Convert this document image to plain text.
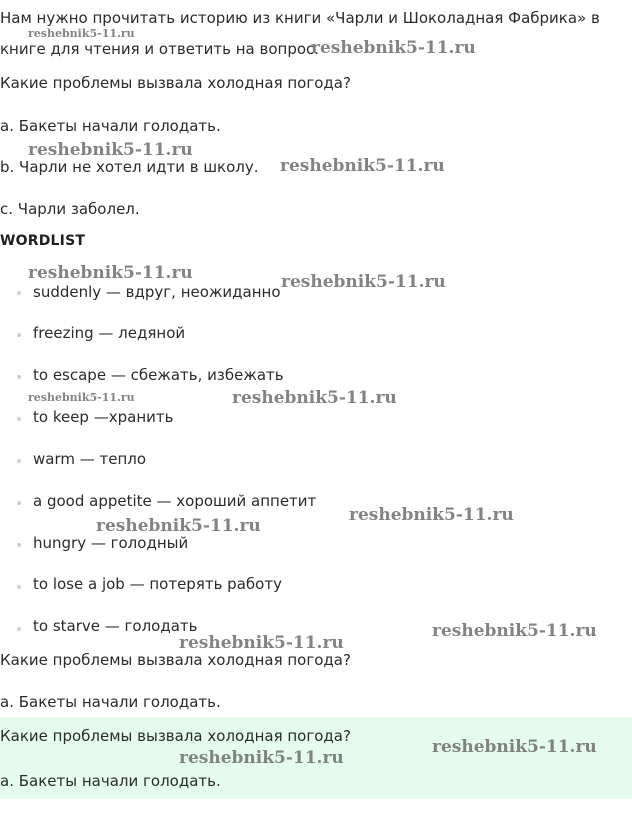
Нам нужно прочитать историю из книги «Чарли и Шоколадная Фабрика» в
книге для чтения и ответить на вопрос.
Какие проблемы вызвала холодная погода?
a. Бакеты начали голодать.
b. Чарли не хотел идти в школу.
c. Чарли заболел.
WORDLIST
suddenly — вдруг, неожиданно
freezing — ледяной
to escape — сбежать, избежать
to keep —хранить
warm — тепло
a good appetite — хороший аппетит
hungry — голодный
to lose a job — потерять работу
to starve — голодать
Какие проблемы вызвала холодная погода?
a. Бакеты начали голодать.
Какие проблемы вызвала холодная погода?
a. Бакеты начали голодать.
reshebnik5-11.ru
reshebnik5-11.ru
reshebnik5-11.ru
reshebnik5-11.ru
reshebnik5-11.ru	reshebnik5-11.ru
reshebnik5-11.ru	reshebnik5-11.ru
reshebnik5-11.ru
reshebnik5-11.ru
reshebnik5-11.ru
reshebnik5-11.ru
reshebnik5-11.ru
reshebnik5-11.ru
